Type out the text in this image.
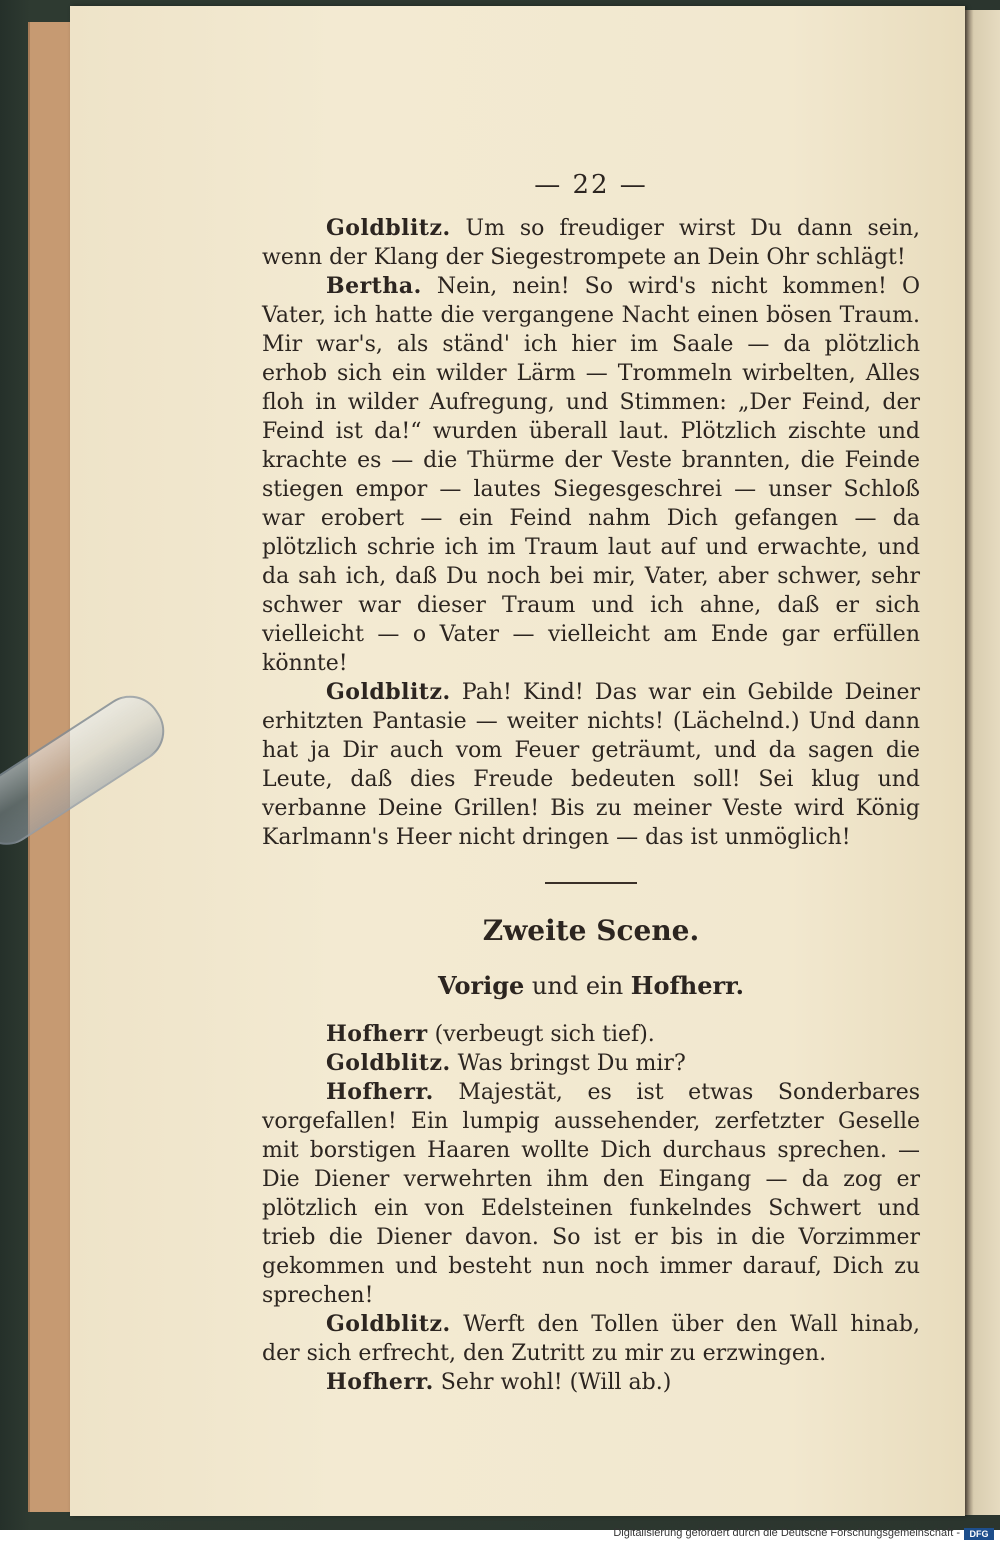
— 22 —

Goldblitz. Um so freudiger wirst Du dann sein, wenn der Klang der Siegestrompete an Dein Ohr schlägt!

Bertha. Nein, nein! So wird's nicht kommen! O Vater, ich hatte die vergangene Nacht einen bösen Traum. Mir war's, als ständ' ich hier im Saale — da plötzlich erhob sich ein wilder Lärm — Trommeln wirbelten, Alles floh in wilder Aufregung, und Stimmen: „Der Feind, der Feind ist da!“ wurden überall laut. Plötzlich zischte und krachte es — die Thürme der Veste brannten, die Feinde stiegen empor — lautes Siegesgeschrei — unser Schloß war erobert — ein Feind nahm Dich gefangen — da plötzlich schrie ich im Traum laut auf und erwachte, und da sah ich, daß Du noch bei mir, Vater, aber schwer, sehr schwer war dieser Traum und ich ahne, daß er sich vielleicht — o Vater — vielleicht am Ende gar erfüllen könnte!

Goldblitz. Pah! Kind! Das war ein Gebilde Deiner erhitzten Pantasie — weiter nichts! (Lächelnd.) Und dann hat ja Dir auch vom Feuer geträumt, und da sagen die Leute, daß dies Freude bedeuten soll! Sei klug und verbanne Deine Grillen! Bis zu meiner Veste wird König Karlmann's Heer nicht dringen — das ist unmöglich!

Zweite Scene.
Vorige und ein Hofherr.

Hofherr (verbeugt sich tief).

Goldblitz. Was bringst Du mir?

Hofherr. Majestät, es ist etwas Sonderbares vorgefallen! Ein lumpig aussehender, zerfetzter Geselle mit borstigen Haaren wollte Dich durchaus sprechen. — Die Diener verwehrten ihm den Eingang — da zog er plötzlich ein von Edelsteinen funkelndes Schwert und trieb die Diener davon. So ist er bis in die Vorzimmer gekommen und besteht nun noch immer darauf, Dich zu sprechen!

Goldblitz. Werft den Tollen über den Wall hinab, der sich erfrecht, den Zutritt zu mir zu erzwingen.

Hofherr. Sehr wohl! (Will ab.)

Digitalisierung gefördert durch die Deutsche Forschungsgemeinschaft -	DFG
